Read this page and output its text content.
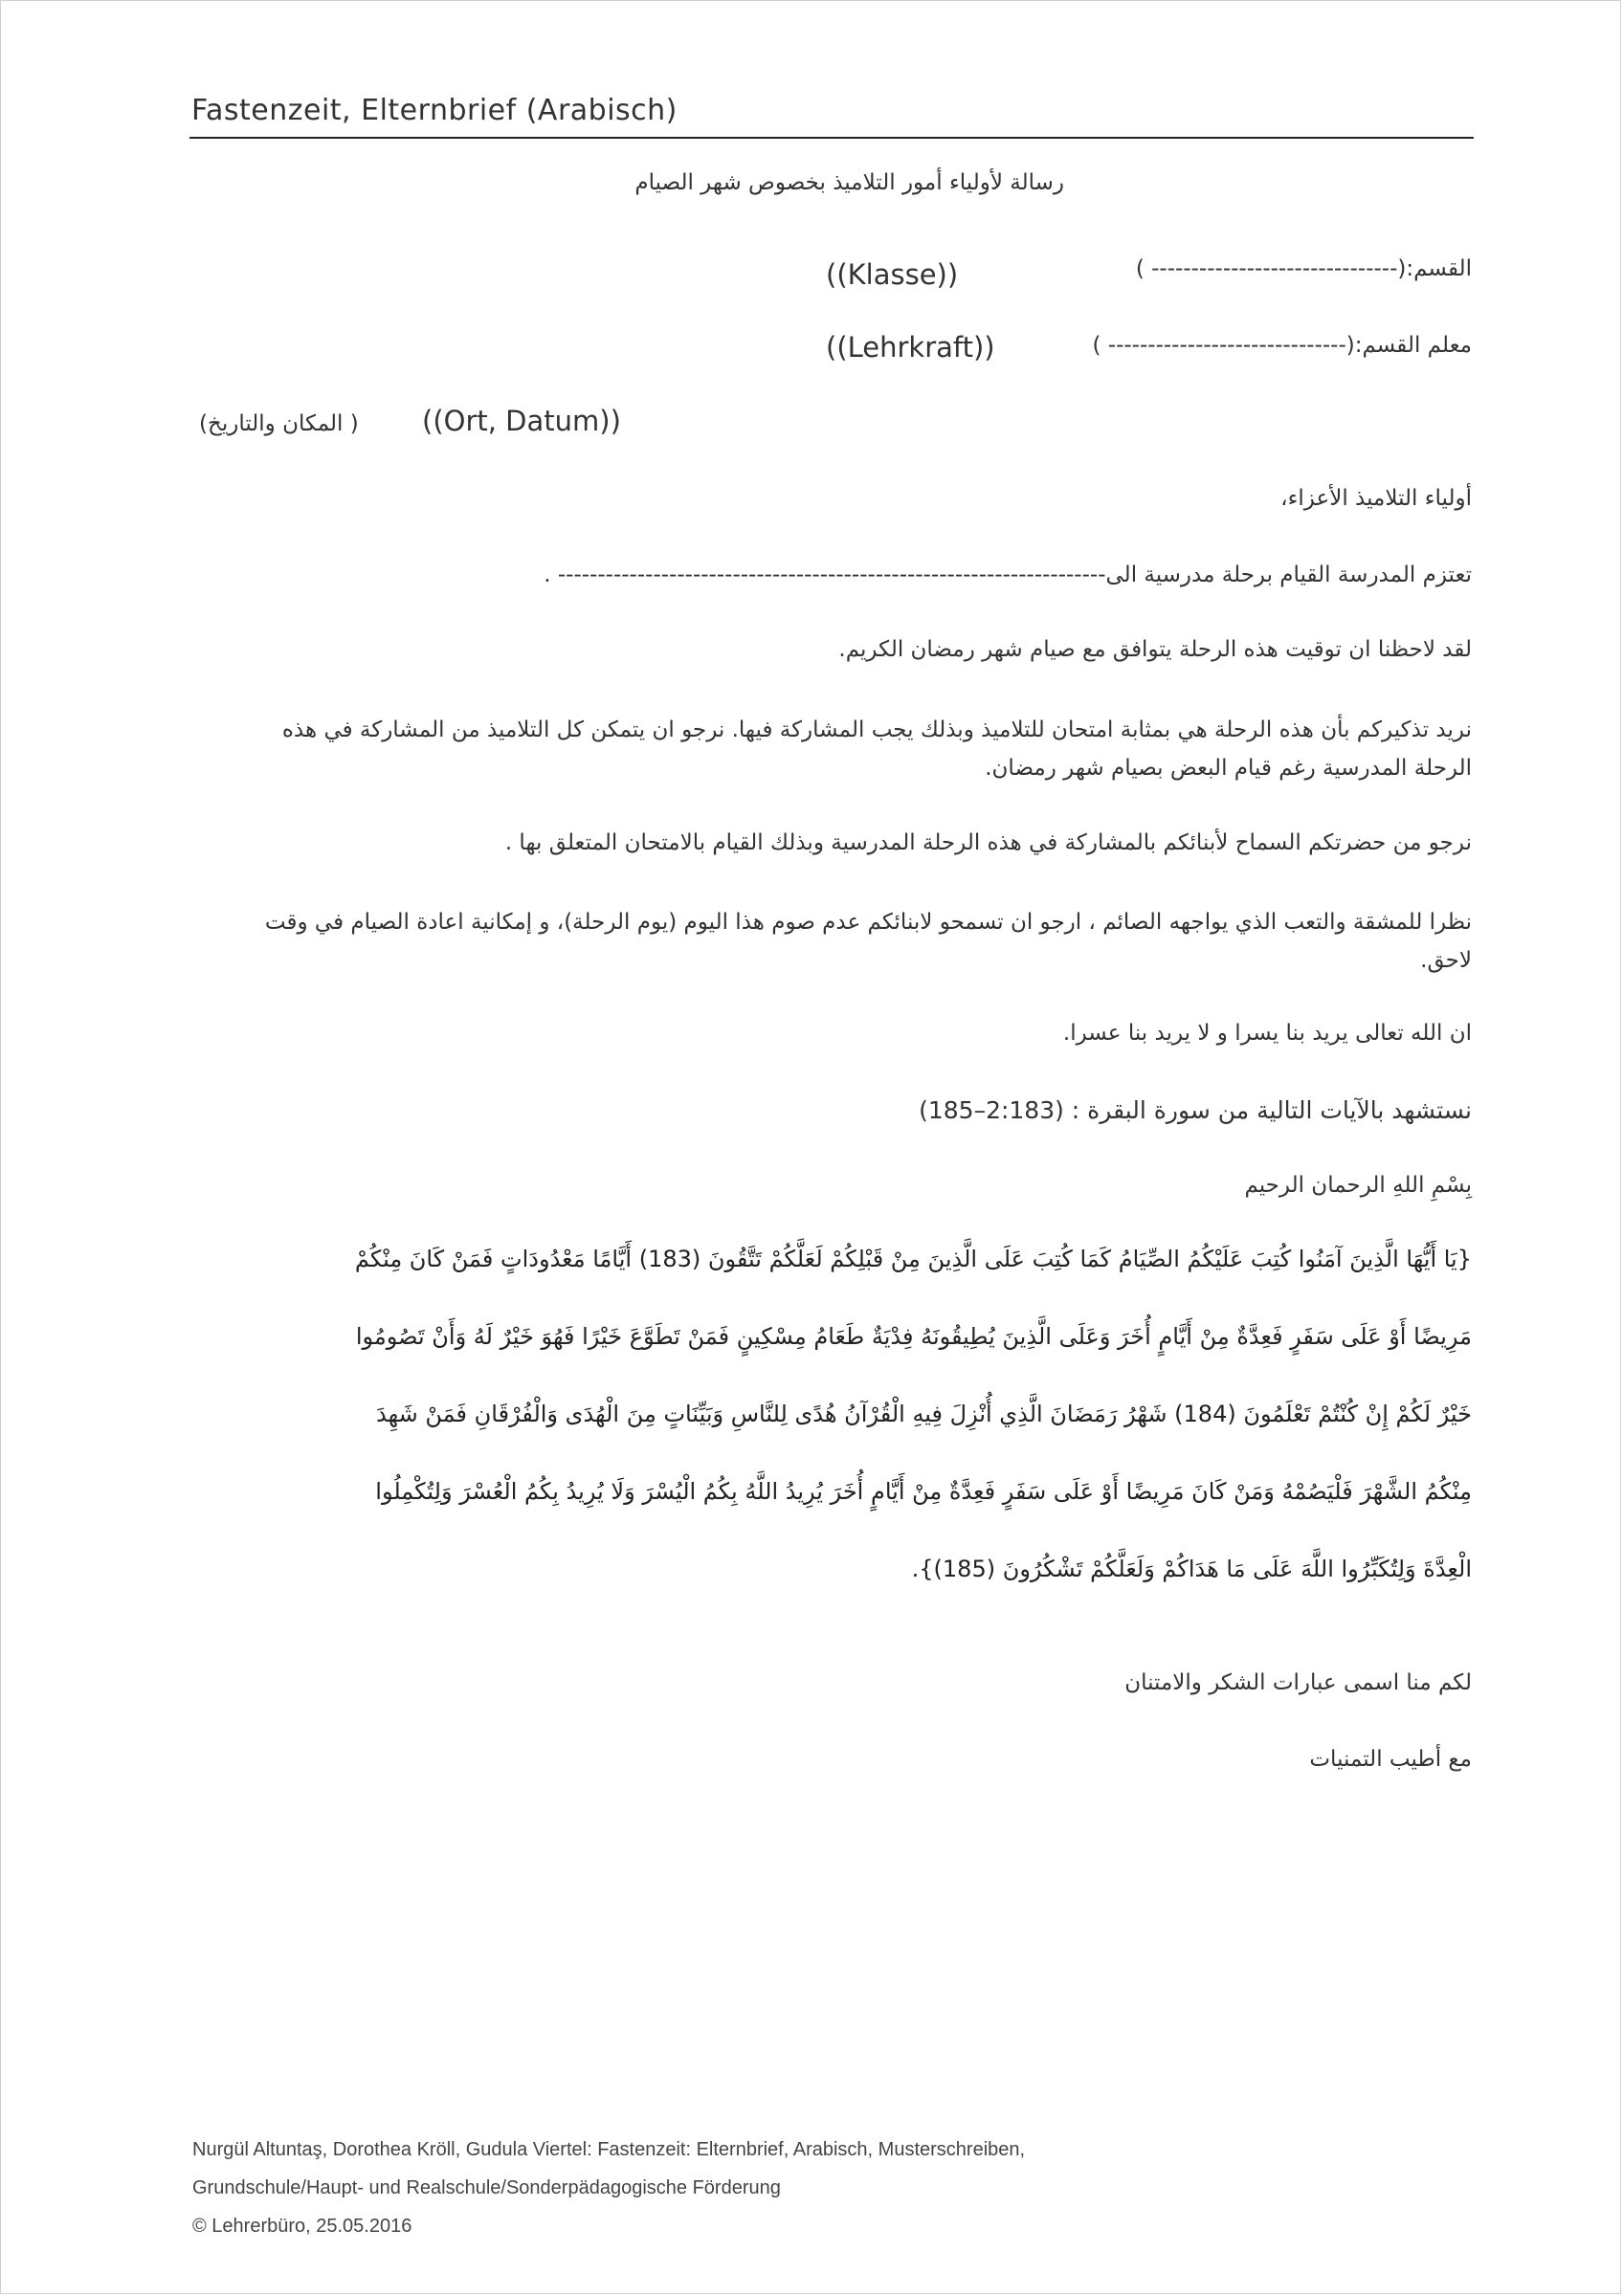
Fastenzeit, Elternbrief (Arabisch)
رسالة لأولياء أمور التلاميذ بخصوص شهر الصيام
القسم:(------------------------------- )
((Klasse))
معلم القسم:(------------------------------ )
((Lehrkraft))
((Ort, Datum))
( المكان والتاريخ)
أولياء التلاميذ الأعزاء،
تعتزم المدرسة القيام برحلة مدرسية الى--------------------------------------------------------------------- .
لقد لاحظنا ان توقيت هذه الرحلة يتوافق مع صيام شهر رمضان الكريم.
نريد تذكيركم بأن هذه الرحلة هي بمثابة امتحان للتلاميذ وبذلك يجب المشاركة فيها. نرجو ان يتمكن كل التلاميذ من المشاركة في هذه الرحلة المدرسية رغم قيام البعض بصيام شهر رمضان.
نرجو من حضرتكم السماح لأبنائكم بالمشاركة في هذه الرحلة المدرسية وبذلك القيام بالامتحان المتعلق بها .
نظرا للمشقة والتعب الذي يواجهه الصائم ، ارجو ان تسمحو لابنائكم عدم صوم هذا اليوم (يوم الرحلة)، و إمكانية اعادة الصيام في وقت لاحق.
ان الله تعالى يريد بنا يسرا و لا يريد بنا عسرا.
نستشهد بالآيات التالية من سورة البقرة : (2:183–185)
بِسْمِ اللهِ الرحمان الرحيم
{يَا أَيُّهَا الَّذِينَ آمَنُوا كُتِبَ عَلَيْكُمُ الصِّيَامُ كَمَا كُتِبَ عَلَى الَّذِينَ مِنْ قَبْلِكُمْ لَعَلَّكُمْ تَتَّقُونَ (183) أَيَّامًا مَعْدُودَاتٍ فَمَنْ كَانَ مِنْكُمْ
مَرِيضًا أَوْ عَلَى سَفَرٍ فَعِدَّةٌ مِنْ أَيَّامٍ أُخَرَ وَعَلَى الَّذِينَ يُطِيقُونَهُ فِدْيَةٌ طَعَامُ مِسْكِينٍ فَمَنْ تَطَوَّعَ خَيْرًا فَهُوَ خَيْرٌ لَهُ وَأَنْ تَصُومُوا
خَيْرٌ لَكُمْ إِنْ كُنْتُمْ تَعْلَمُونَ (184) شَهْرُ رَمَضَانَ الَّذِي أُنْزِلَ فِيهِ الْقُرْآنُ هُدًى لِلنَّاسِ وَبَيِّنَاتٍ مِنَ الْهُدَى وَالْفُرْقَانِ فَمَنْ شَهِدَ
مِنْكُمُ الشَّهْرَ فَلْيَصُمْهُ وَمَنْ كَانَ مَرِيضًا أَوْ عَلَى سَفَرٍ فَعِدَّةٌ مِنْ أَيَّامٍ أُخَرَ يُرِيدُ اللَّهُ بِكُمُ الْيُسْرَ وَلَا يُرِيدُ بِكُمُ الْعُسْرَ وَلِتُكْمِلُوا
الْعِدَّةَ وَلِتُكَبِّرُوا اللَّهَ عَلَى مَا هَدَاكُمْ وَلَعَلَّكُمْ تَشْكُرُونَ (185)}.
لكم منا اسمى عبارات الشكر والامتنان
مع أطيب التمنيات
Nurgül Altuntaş, Dorothea Kröll, Gudula Viertel: Fastenzeit: Elternbrief, Arabisch, Musterschreiben,
Grundschule/Haupt- und Realschule/Sonderpädagogische Förderung
© Lehrerbüro, 25.05.2016
